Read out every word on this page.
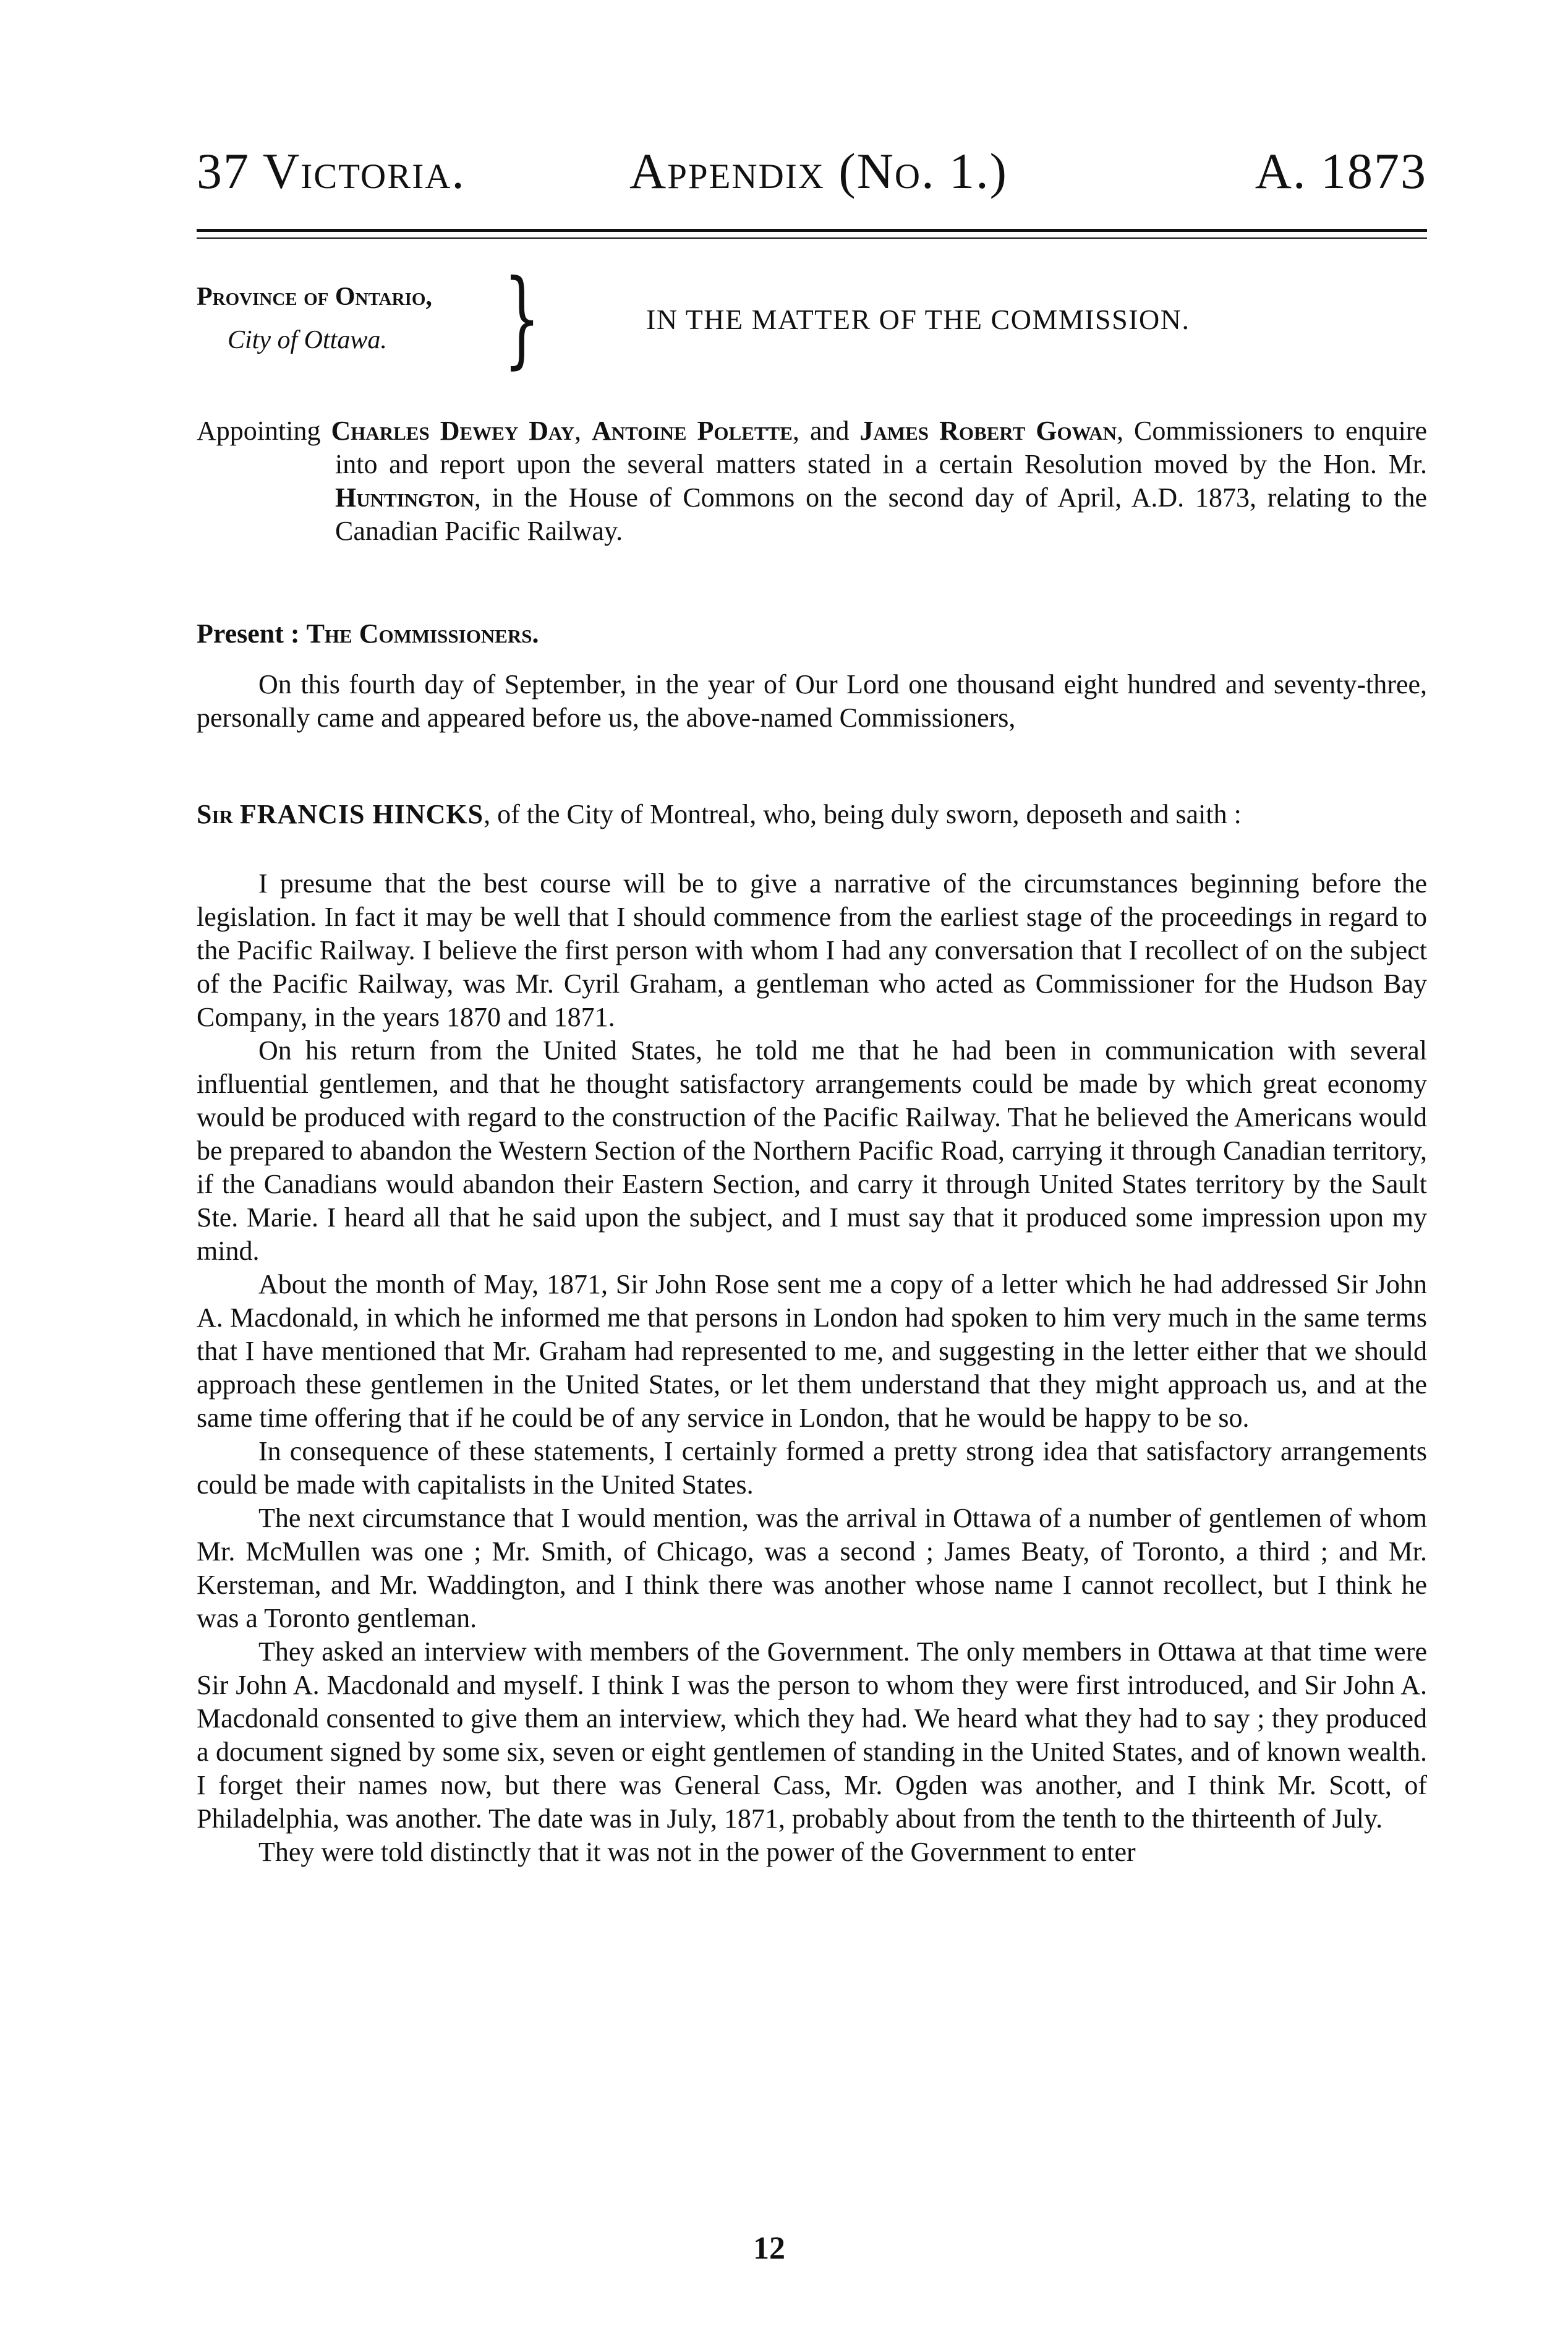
37 Victoria.	Appendix (No. 1.)	A. 1873
Province of Ontario,
City of Ottawa.	}	IN THE MATTER OF THE COMMISSION.

Appointing Charles Dewey Day, Antoine Polette, and James Robert Gowan, Commissioners to enquire into and report upon the several matters stated in a certain Resolution moved by the Hon. Mr. Huntington, in the House of Commons on the second day of April, A.D. 1873, relating to the Canadian Pacific Railway.

Present : The Commissioners.

On this fourth day of September, in the year of Our Lord one thousand eight hundred and seventy-three, personally came and appeared before us, the above-named Commissioners,

Sir FRANCIS HINCKS, of the City of Montreal, who, being duly sworn, deposeth and saith :

I presume that the best course will be to give a narrative of the circumstances beginning before the legislation. In fact it may be well that I should commence from the earliest stage of the proceedings in regard to the Pacific Railway. I believe the first person with whom I had any conversation that I recollect of on the subject of the Pacific Railway, was Mr. Cyril Graham, a gentleman who acted as Commissioner for the Hudson Bay Company, in the years 1870 and 1871.

On his return from the United States, he told me that he had been in communication with several influential gentlemen, and that he thought satisfactory arrangements could be made by which great economy would be produced with regard to the construction of the Pacific Railway. That he believed the Americans would be prepared to abandon the Western Section of the Northern Pacific Road, carrying it through Canadian territory, if the Canadians would abandon their Eastern Section, and carry it through United States territory by the Sault Ste. Marie. I heard all that he said upon the subject, and I must say that it produced some impression upon my mind.

About the month of May, 1871, Sir John Rose sent me a copy of a letter which he had addressed Sir John A. Macdonald, in which he informed me that persons in London had spoken to him very much in the same terms that I have mentioned that Mr. Graham had represented to me, and suggesting in the letter either that we should approach these gentlemen in the United States, or let them understand that they might approach us, and at the same time offering that if he could be of any service in London, that he would be happy to be so.

In consequence of these statements, I certainly formed a pretty strong idea that satisfactory arrangements could be made with capitalists in the United States.

The next circumstance that I would mention, was the arrival in Ottawa of a number of gentlemen of whom Mr. McMullen was one ; Mr. Smith, of Chicago, was a second ; James Beaty, of Toronto, a third ; and Mr. Kersteman, and Mr. Waddington, and I think there was another whose name I cannot recollect, but I think he was a Toronto gentleman.

They asked an interview with members of the Government. The only members in Ottawa at that time were Sir John A. Macdonald and myself. I think I was the person to whom they were first introduced, and Sir John A. Macdonald consented to give them an interview, which they had. We heard what they had to say ; they produced a document signed by some six, seven or eight gentlemen of standing in the United States, and of known wealth. I forget their names now, but there was General Cass, Mr. Ogden was another, and I think Mr. Scott, of Philadelphia, was another. The date was in July, 1871, probably about from the tenth to the thirteenth of July.

They were told distinctly that it was not in the power of the Government to enter

12
